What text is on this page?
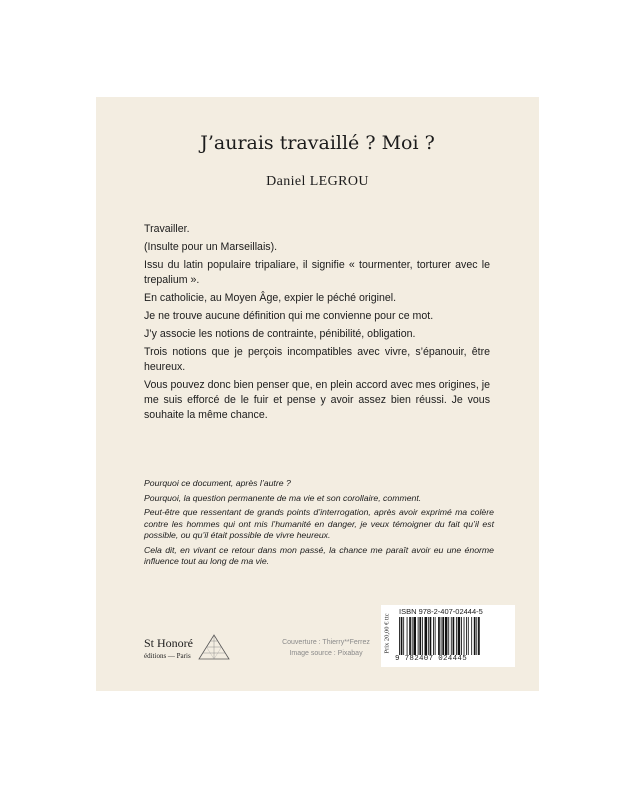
J’aurais travaillé ? Moi ?
Daniel LEGROU

Travailler.

(Insulte pour un Marseillais).

Issu du latin populaire tripaliare, il signifie « tourmenter, torturer avec le trepalium ».

En catholicie, au Moyen Âge, expier le péché originel.

Je ne trouve aucune définition qui me convienne pour ce mot.

J’y associe les notions de contrainte, pénibilité, obligation.

Trois notions que je perçois incompatibles avec vivre, s’épanouir, être heureux.

Vous pouvez donc bien penser que, en plein accord avec mes origines, je me suis efforcé de le fuir et pense y avoir assez bien réussi. Je vous souhaite la même chance.

Pourquoi ce document, après l’autre ?

Pourquoi, la question permanente de ma vie et son corollaire, comment.

Peut-être que ressentant de grands points d’interrogation, après avoir exprimé ma colère contre les hommes qui ont mis l’humanité en danger, je veux témoigner du fait qu’il est possible, ou qu’il était possible de vivre heureux.

Cela dit, en vivant ce retour dans mon passé, la chance me paraît avoir eu une énorme influence tout au long de ma vie.

St Honoré
éditions — Paris
Couverture : Thierry**Ferrez
Image source : Pixabay	Prix 20,00 € ttc
ISBN 978-2-407-02444-5
9 782407 024445
